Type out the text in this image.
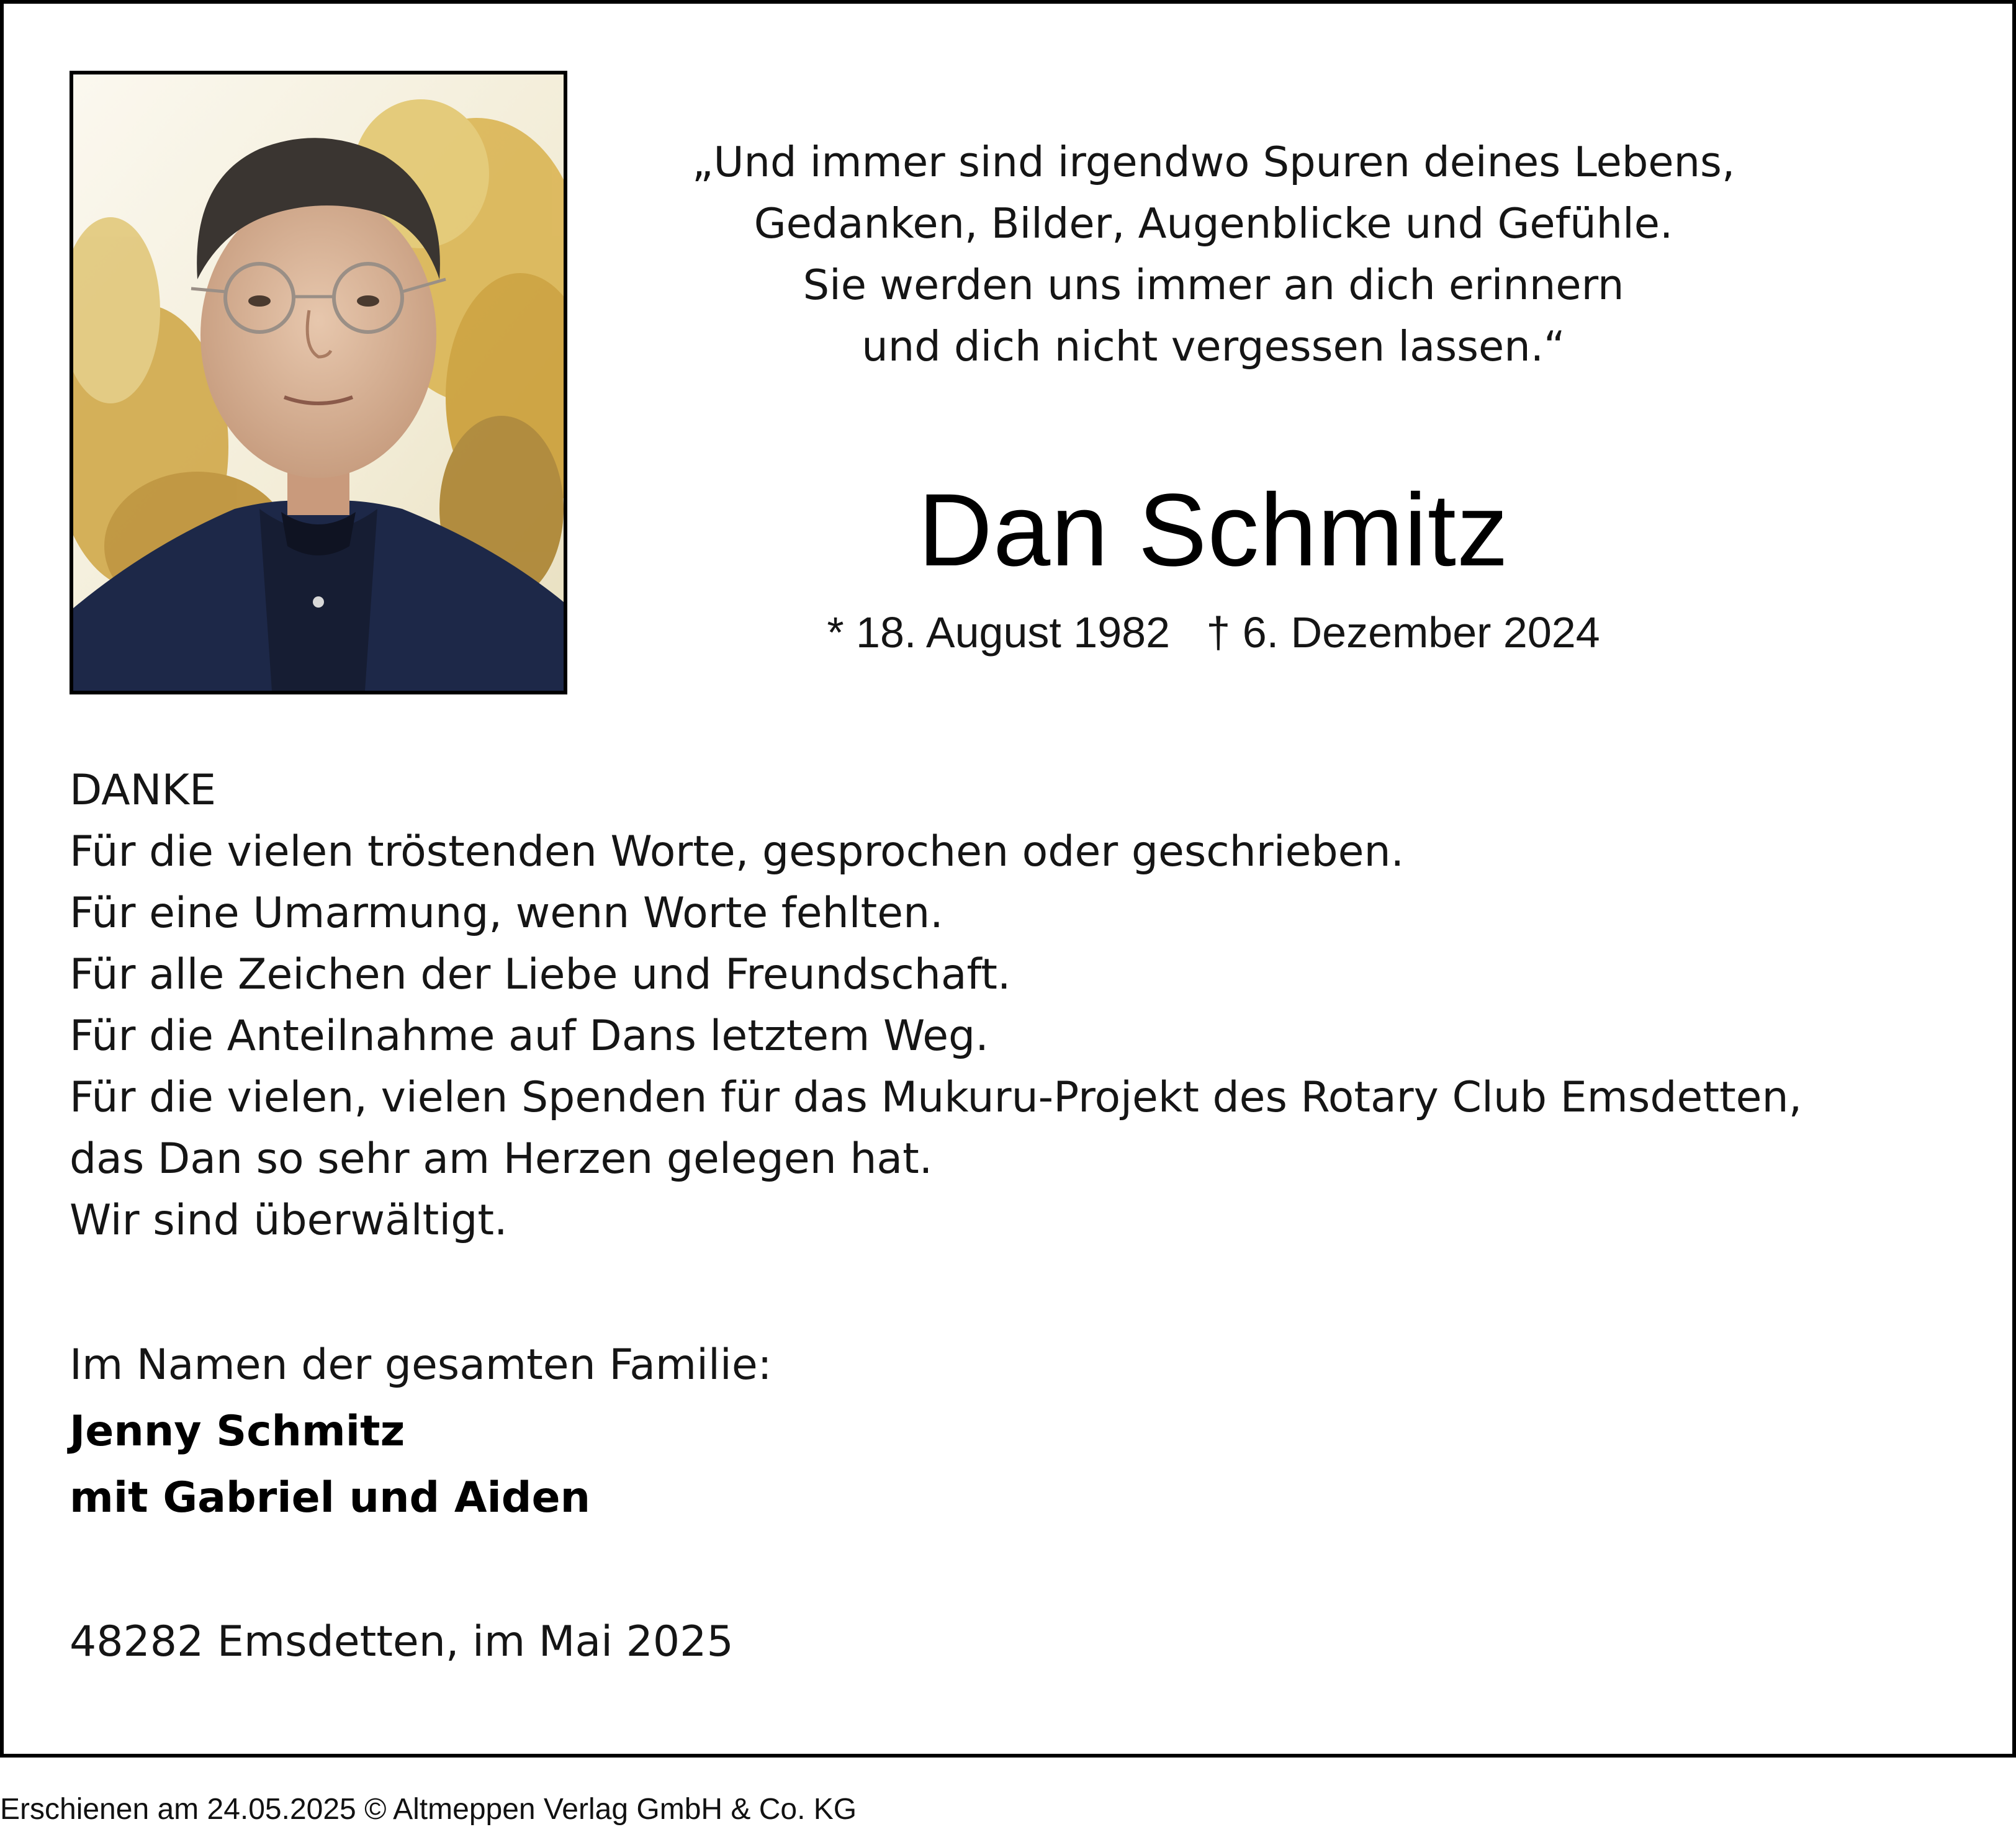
„Und immer sind irgendwo Spuren deines Lebens,
Gedanken, Bilder, Augenblicke und Gefühle.
Sie werden uns immer an dich erinnern
und dich nicht vergessen lassen.“
Dan Schmitz
* 18. August 1982 † 6. Dezember 2024
DANKE
Für die vielen tröstenden Worte, gesprochen oder geschrieben.
Für eine Umarmung, wenn Worte fehlten.
Für alle Zeichen der Liebe und Freundschaft.
Für die Anteilnahme auf Dans letztem Weg.
Für die vielen, vielen Spenden für das Mukuru-Projekt des Rotary Club Emsdetten,
das Dan so sehr am Herzen gelegen hat.
Wir sind überwältigt.
Im Namen der gesamten Familie:
Jenny Schmitz
mit Gabriel und Aiden
48282 Emsdetten, im Mai 2025
Erschienen am 24.05.2025 © Altmeppen Verlag GmbH & Co. KG
